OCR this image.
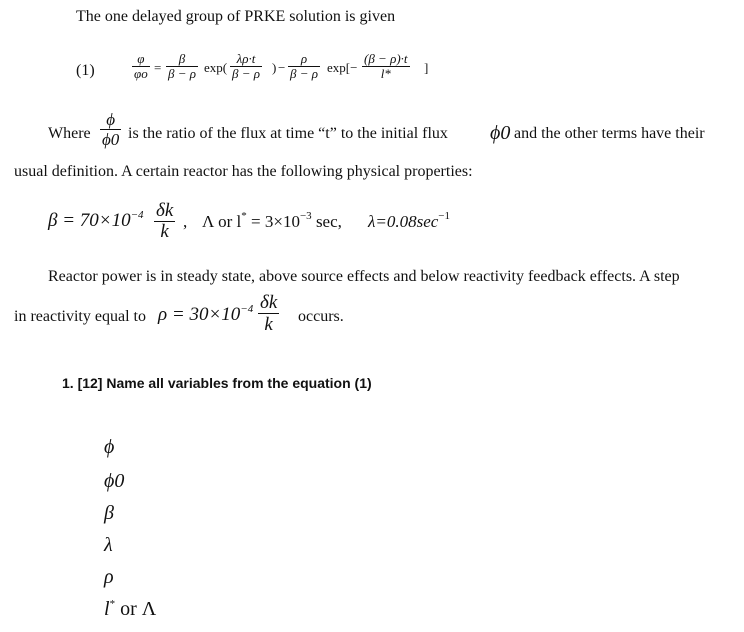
The one delayed group of PRKE solution is given
(1)
φ
φo =
β
β − ρ exp(
λρ·t
β − ρ ) −
ρ
β − ρ exp[−
(β − ρ)·t
l*	]
Where
ϕ
ϕ0 is the ratio of the flux at time “t” to the initial flux ϕ0 and the other terms have their
usual definition. A certain reactor has the following physical properties:
$\beta = 70\times 10^{-4}$ δk
k , Λ or $l^* = 3\times 10^{-3}$ sec, $\lambda=0.08\sec^{-1}$
Reactor power is in steady state, above source effects and below reactivity feedback effects. A step
in reactivity equal to $\rho = 30\times 10^{-4}$ δk
k occurs.
1. [12] Name all variables from the equation (1)
ϕ
ϕ0
β
λ
ρ
l* or Λ
